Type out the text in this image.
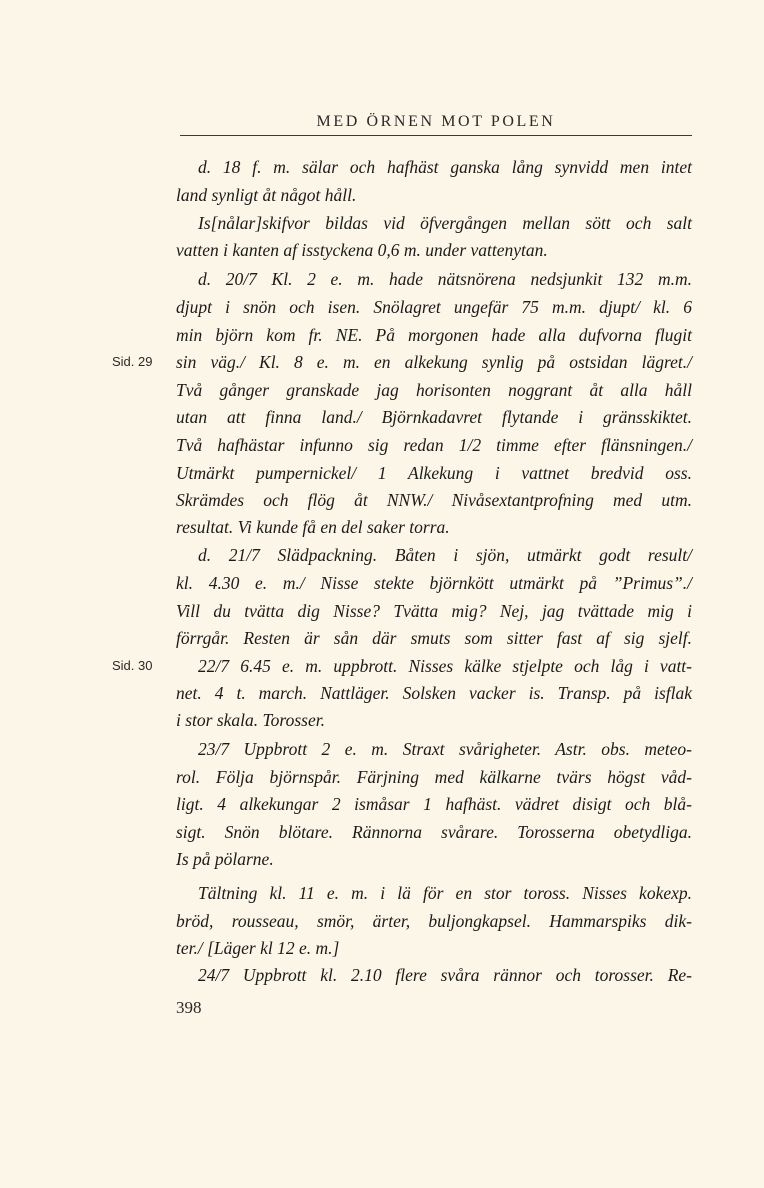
MED ÖRNEN MOT POLEN
d. 18 f. m. sälar och hafhäst ganska lång synvidd men intet
land synligt åt något håll.
Is[nålar]skifvor bildas vid öfvergången mellan sött och salt
vatten i kanten af isstyckena 0,6 m. under vattenytan.
d. 20/7 Kl. 2 e. m. hade nätsnörena nedsjunkit 132 m.m.
djupt i snön och isen. Snölagret ungefär 75 m.m. djupt/ kl. 6
min björn kom fr. NE. På morgonen hade alla dufvorna flugit
sin väg./ Kl. 8 e. m. en alkekung synlig på ostsidan lägret./
Två gånger granskade jag horisonten noggrant åt alla håll
utan att finna land./ Björnkadavret flytande i gränsskiktet.
Två hafhästar infunno sig redan 1/2 timme efter flänsningen./
Utmärkt pumpernickel/ 1 Alkekung i vattnet bredvid oss.
Skrämdes och flög åt NNW./ Nivåsextantprofning med utm.
resultat. Vi kunde få en del saker torra.
d. 21/7 Slädpackning. Båten i sjön, utmärkt godt result/
kl. 4.30 e. m./ Nisse stekte björnkött utmärkt på ”Primus”./
Vill du tvätta dig Nisse? Tvätta mig? Nej, jag tvättade mig i
förrgår. Resten är sån där smuts som sitter fast af sig sjelf.
22/7 6.45 e. m. uppbrott. Nisses kälke stjelpte och låg i vatt-
net. 4 t. march. Nattläger. Solsken vacker is. Transp. på isflak
i stor skala. Torosser.
23/7 Uppbrott 2 e. m. Straxt svårigheter. Astr. obs. meteo-
rol. Följa björnspår. Färjning med kälkarne tvärs högst våd-
ligt. 4 alkekungar 2 ismåsar 1 hafhäst. vädret disigt och blå-
sigt. Snön blötare. Rännorna svårare. Torosserna obetydliga.
Is på pölarne.
Tältning kl. 11 e. m. i lä för en stor toross. Nisses kokexp.
bröd, rousseau, smör, ärter, buljongkapsel. Hammarspiks dik-
ter./ [Läger kl 12 e. m.]
24/7 Uppbrott kl. 2.10 flere svåra rännor och torosser. Re-
Sid. 29
Sid. 30
398
